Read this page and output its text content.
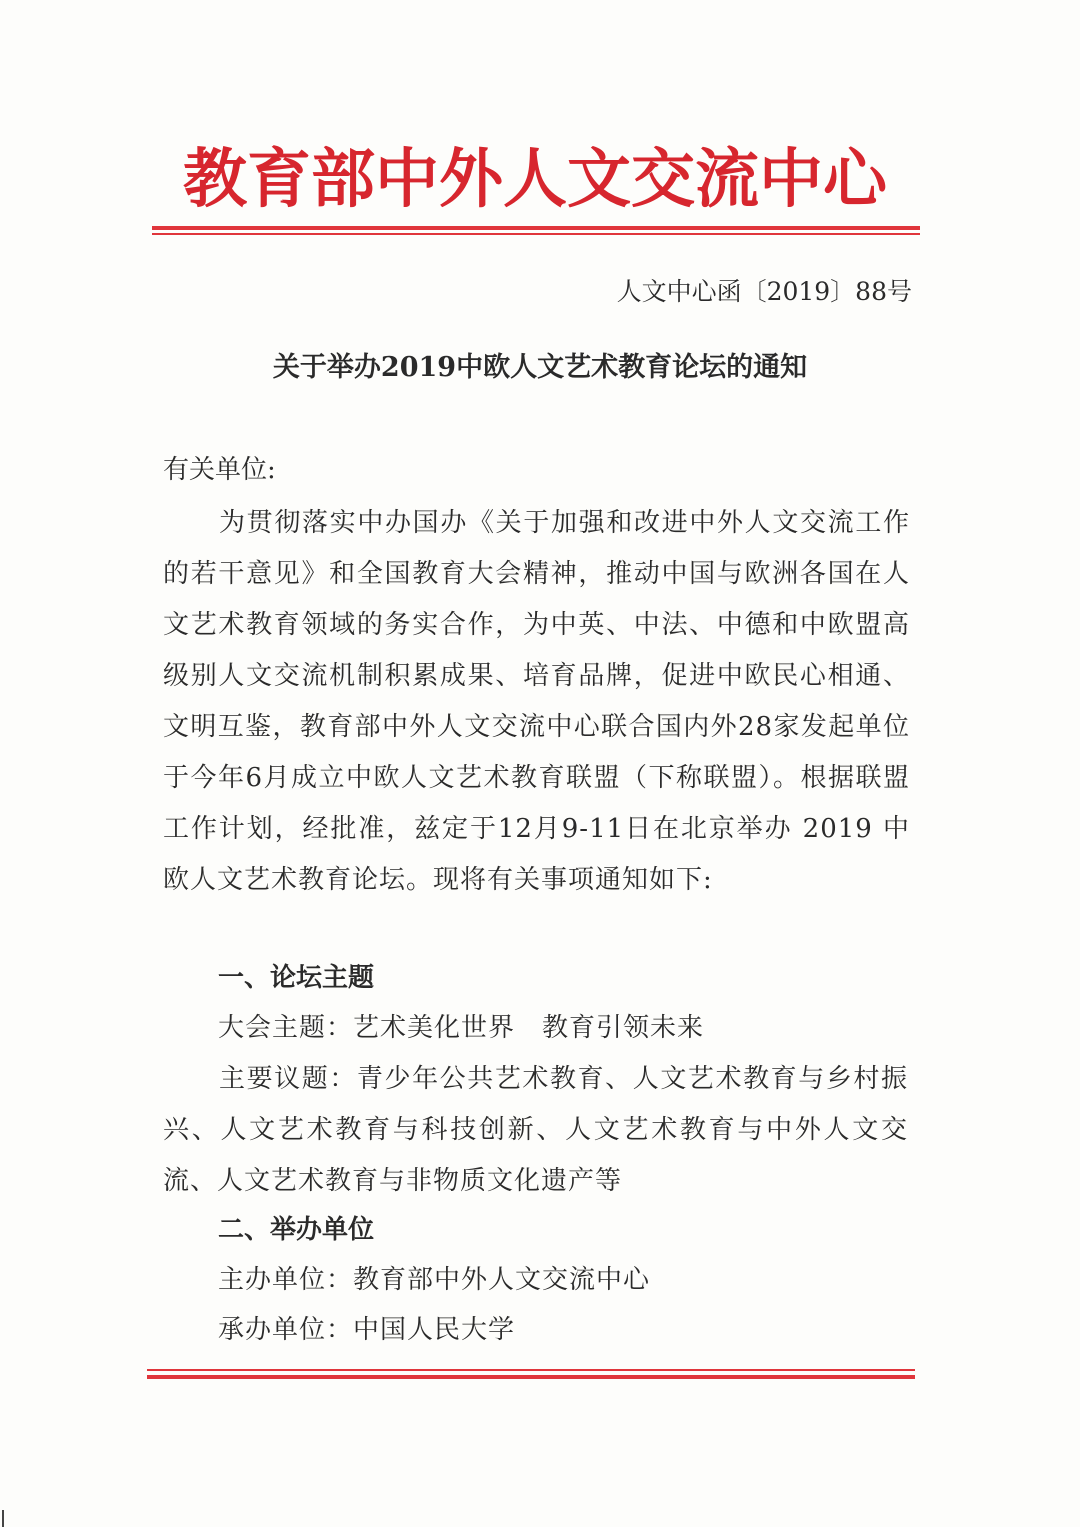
教育部中外人文交流中心
人文中心函〔2019〕88号
关于举办2019中欧人文艺术教育论坛的通知
有关单位:
为贯彻落实中办国办《关于加强和改进中外人文交流工作的若干意见》和全国教育大会精神，推动中国与欧洲各国在人文艺术教育领域的务实合作，为中英、中法、中德和中欧盟高级别人文交流机制积累成果、培育品牌，促进中欧民心相通、文明互鉴，教育部中外人文交流中心联合国内外28家发起单位于今年6月成立中欧人文艺术教育联盟（下称联盟）。根据联盟工作计划，经批准，兹定于12月9-11日在北京举办 2019 中欧人文艺术教育论坛。现将有关事项通知如下:
一、论坛主题
大会主题：艺术美化世界　教育引领未来
主要议题：青少年公共艺术教育、人文艺术教育与乡村振兴、人文艺术教育与科技创新、人文艺术教育与中外人文交流、人文艺术教育与非物质文化遗产等
二、举办单位
主办单位：教育部中外人文交流中心
承办单位：中国人民大学
